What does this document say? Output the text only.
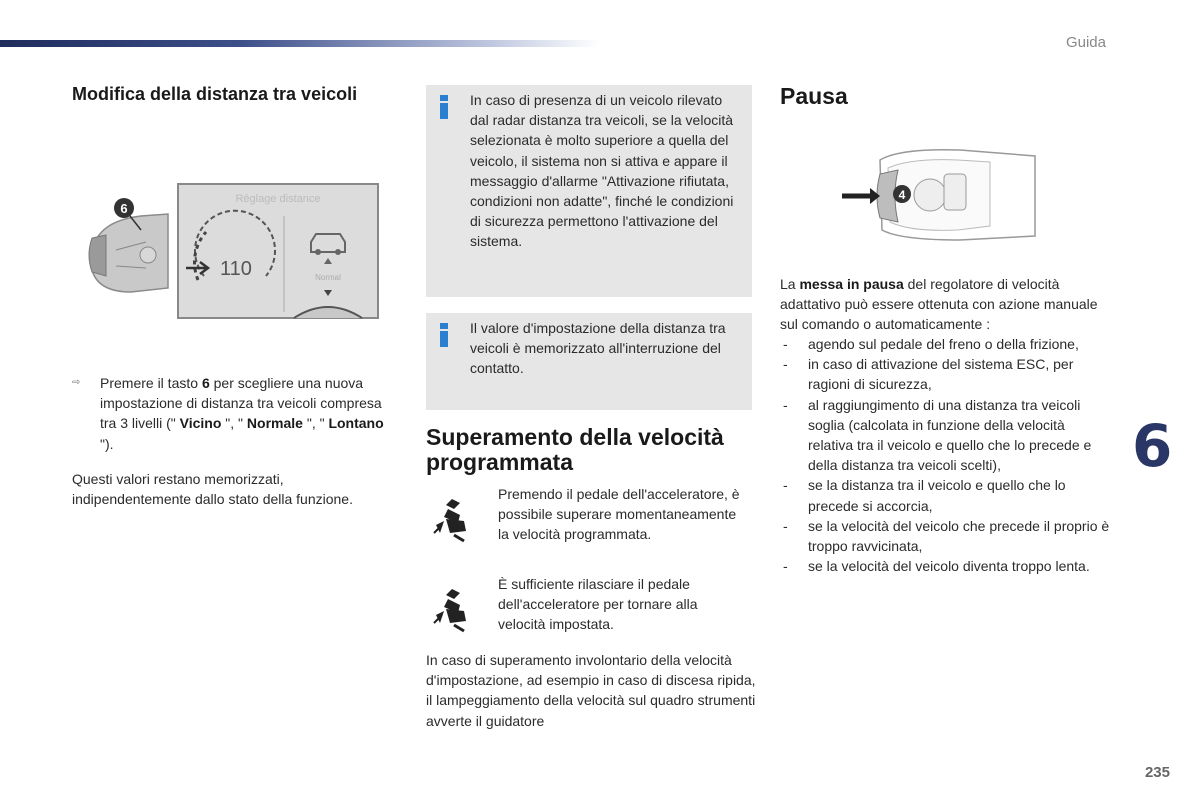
Guida
Modifica della distanza tra veicoli
6
Réglage distance
110	Normal
⇨ Premere il tasto 6 per scegliere una nuova impostazione di distanza tra veicoli compresa tra 3 livelli (" Vicino ", " Normale ", " Lontano ").
Questi valori restano memorizzati, indipendentemente dallo stato della funzione.
In caso di presenza di un veicolo rilevato dal radar distanza tra veicoli, se la velocità selezionata è molto superiore a quella del veicolo, il sistema non si attiva e appare il messaggio d'allarme "Attivazione rifiutata, condizioni non adatte", finché le condizioni di sicurezza permettono l'attivazione del sistema.
Il valore d'impostazione della distanza tra veicoli è memorizzato all'interruzione del contatto.
Superamento della velocità programmata
Premendo il pedale dell'acceleratore, è possibile superare momentaneamente la velocità programmata.
È sufficiente rilasciare il pedale dell'acceleratore per tornare alla velocità impostata.
In caso di superamento involontario della velocità d'impostazione, ad esempio in caso di discesa ripida, il lampeggiamento della velocità sul quadro strumenti avverte il guidatore
Pausa
4
La messa in pausa del regolatore di velocità adattativo può essere ottenuta con azione manuale sul comando o automaticamente :
- agendo sul pedale del freno o della frizione,
- in caso di attivazione del sistema ESC, per ragioni di sicurezza,
- al raggiungimento di una distanza tra veicoli soglia (calcolata in funzione della velocità relativa tra il veicolo e quello che lo precede e della distanza tra veicoli scelti),
- se la distanza tra il veicolo e quello che lo precede si accorcia,
- se la velocità del veicolo che precede il proprio è troppo ravvicinata,
- se la velocità del veicolo diventa troppo lenta.
6
235
